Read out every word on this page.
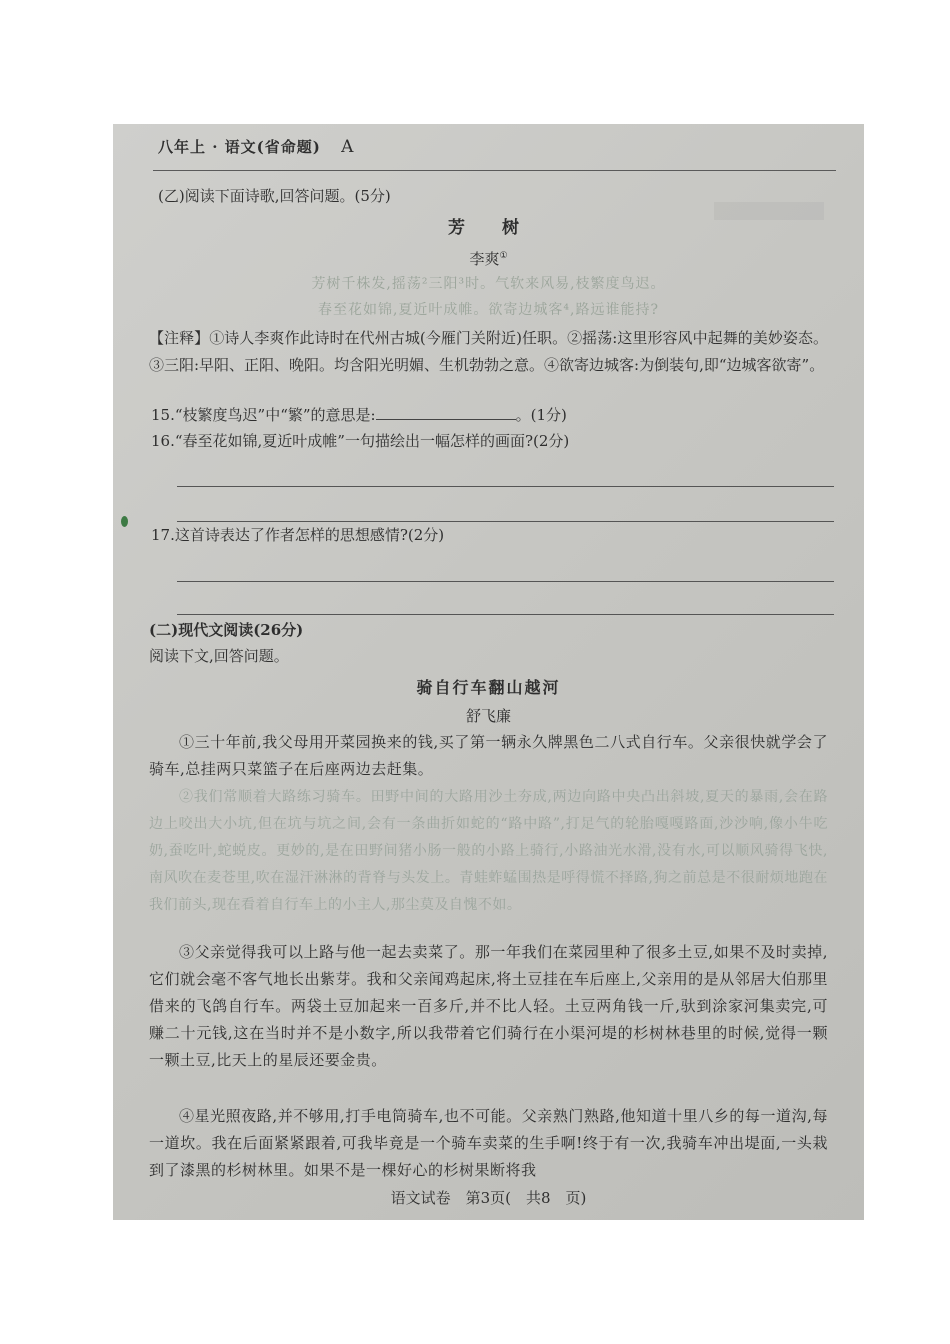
八年上 · 语文(省命题) A
(乙)阅读下面诗歌,回答问题。(5分)
芳　树
李爽①
芳树千株发,摇荡²三阳³时。气软来风易,枝繁度鸟迟。
春至花如锦,夏近叶成帷。欲寄边城客⁴,路远谁能持?
【注释】①诗人李爽作此诗时在代州古城(今雁门关附近)任职。②摇荡:这里形容风中起舞的美妙姿态。③三阳:早阳、正阳、晚阳。均含阳光明媚、生机勃勃之意。④欲寄边城客:为倒装句,即“边城客欲寄”。
15.“枝繁度鸟迟”中“繁”的意思是:	。(1分)
16.“春至花如锦,夏近叶成帷”一句描绘出一幅怎样的画面?(2分)
17.这首诗表达了作者怎样的思想感情?(2分)
(二)现代文阅读(26分)
阅读下文,回答问题。
骑自行车翻山越河
舒飞廉
①三十年前,我父母用开菜园换来的钱,买了第一辆永久牌黑色二八式自行车。父亲很快就学会了骑车,总挂两只菜篮子在后座两边去赶集。
②我们常顺着大路练习骑车。田野中间的大路用沙土夯成,两边向路中央凸出斜坡,夏天的暴雨,会在路边上咬出大小坑,但在坑与坑之间,会有一条曲折如蛇的“路中路”,打足气的轮胎嘎嘎路面,沙沙响,像小牛吃奶,蚕吃叶,蛇蜕皮。更妙的,是在田野间猪小肠一般的小路上骑行,小路油光水滑,没有水,可以顺风骑得飞快,南风吹在麦苍里,吹在湿汗淋淋的背脊与头发上。青蛙蚱蜢围热是呼得慌不择路,狗之前总是不很耐烦地跑在我们前头,现在看着自行车上的小主人,那尘莫及自愧不如。
③父亲觉得我可以上路与他一起去卖菜了。那一年我们在菜园里种了很多土豆,如果不及时卖掉,它们就会毫不客气地长出紫芽。我和父亲闻鸡起床,将土豆挂在车后座上,父亲用的是从邻居大伯那里借来的飞鸽自行车。两袋土豆加起来一百多斤,并不比人轻。土豆两角钱一斤,驮到涂家河集卖完,可赚二十元钱,这在当时并不是小数字,所以我带着它们骑行在小渠河堤的杉树林巷里的时候,觉得一颗一颗土豆,比天上的星辰还要金贵。
④星光照夜路,并不够用,打手电筒骑车,也不可能。父亲熟门熟路,他知道十里八乡的每一道沟,每一道坎。我在后面紧紧跟着,可我毕竟是一个骑车卖菜的生手啊!终于有一次,我骑车冲出堤面,一头栽到了漆黑的杉树林里。如果不是一棵好心的杉树果断将我
语文试卷　第3页(　共8　页)
